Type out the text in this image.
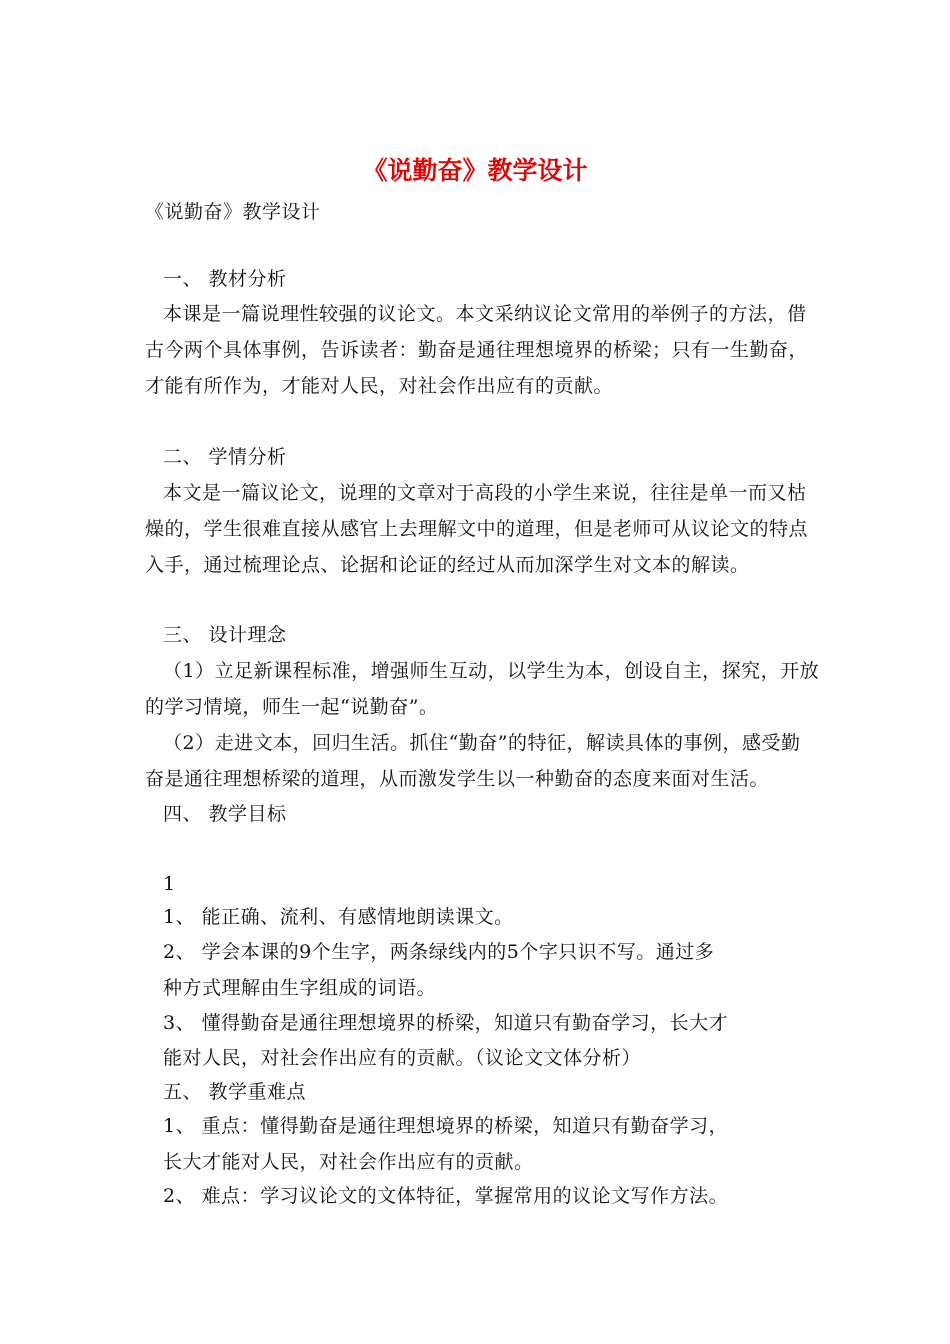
《说勤奋》教学设计
《说勤奋》教学设计
一、 教材分析
本课是一篇说理性较强的议论文。本文采纳议论文常用的举例子的方法，借
古今两个具体事例，告诉读者：勤奋是通往理想境界的桥梁；只有一生勤奋，
才能有所作为，才能对人民，对社会作出应有的贡献。
二、 学情分析
本文是一篇议论文，说理的文章对于高段的小学生来说，往往是单一而又枯
燥的，学生很难直接从感官上去理解文中的道理，但是老师可从议论文的特点
入手，通过梳理论点、论据和论证的经过从而加深学生对文本的解读。
三、 设计理念
（1）立足新课程标准，增强师生互动，以学生为本，创设自主，探究，开放
的学习情境，师生一起“说勤奋”。
（2）走进文本，回归生活。抓住“勤奋”的特征，解读具体的事例，感受勤
奋是通往理想桥梁的道理，从而激发学生以一种勤奋的态度来面对生活。
四、 教学目标
1
1、 能正确、流利、有感情地朗读课文。
2、 学会本课的9个生字，两条绿线内的5个字只识不写。通过多
种方式理解由生字组成的词语。
3、 懂得勤奋是通往理想境界的桥梁，知道只有勤奋学习，长大才
能对人民，对社会作出应有的贡献。（议论文文体分析）
五、 教学重难点
1、 重点：懂得勤奋是通往理想境界的桥梁，知道只有勤奋学习，
长大才能对人民，对社会作出应有的贡献。
2、 难点：学习议论文的文体特征，掌握常用的议论文写作方法。
